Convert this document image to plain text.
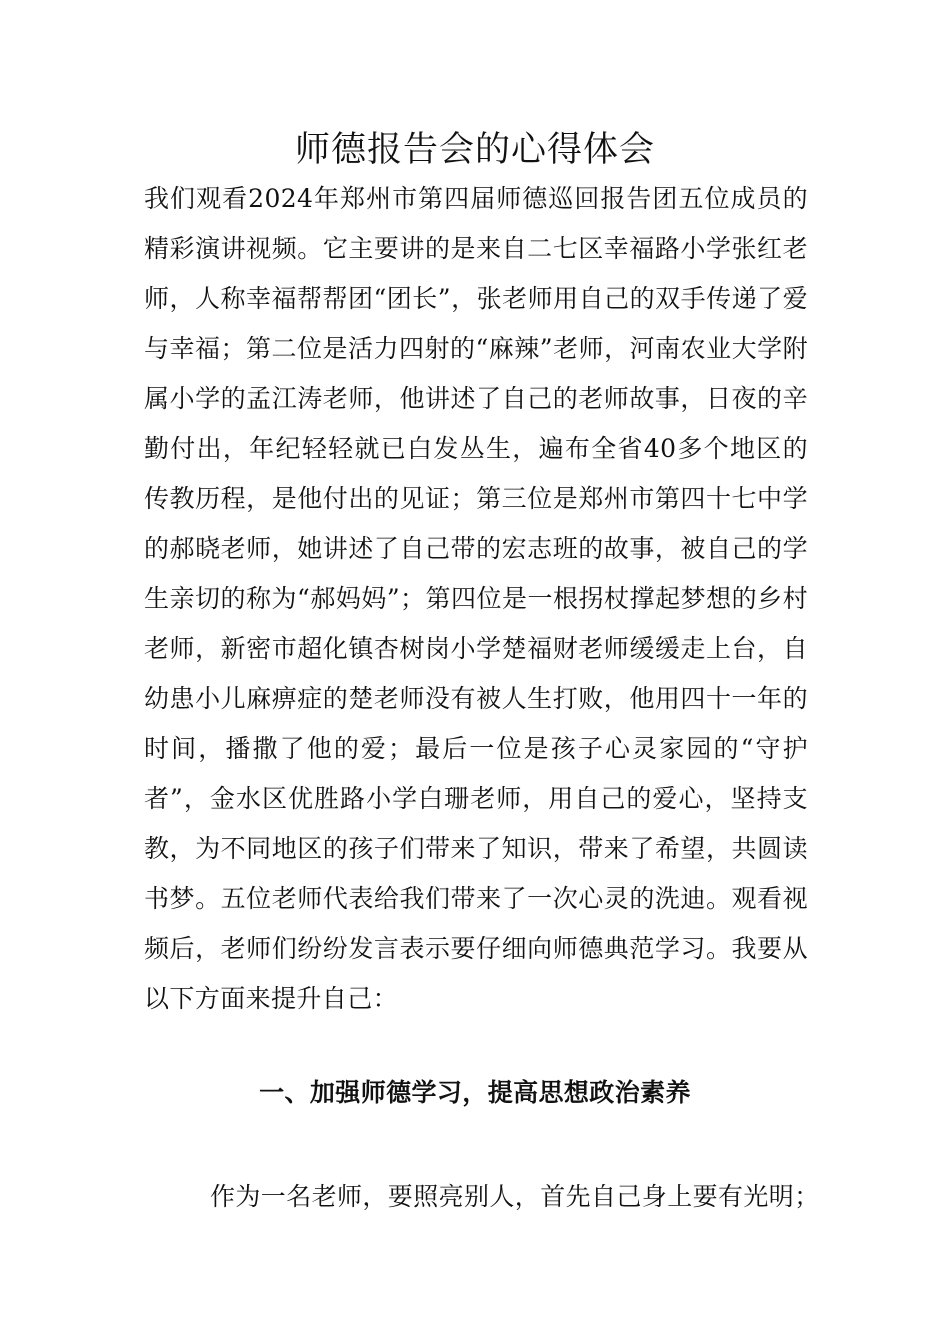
师德报告会的心得体会

我们观看2024年郑州市第四届师德巡回报告团五位成员的精彩演讲视频。它主要讲的是来自二七区幸福路小学张红老师，人称幸福帮帮团“团长”，张老师用自己的双手传递了爱与幸福；第二位是活力四射的“麻辣”老师，河南农业大学附属小学的孟江涛老师，他讲述了自己的老师故事，日夜的辛勤付出，年纪轻轻就已白发丛生，遍布全省40多个地区的传教历程，是他付出的见证；第三位是郑州市第四十七中学的郝晓老师，她讲述了自己带的宏志班的故事，被自己的学生亲切的称为“郝妈妈”；第四位是一根拐杖撑起梦想的乡村老师，新密市超化镇杏树岗小学楚福财老师缓缓走上台，自幼患小儿麻痹症的楚老师没有被人生打败，他用四十一年的时间，播撒了他的爱；最后一位是孩子心灵家园的“守护者”，金水区优胜路小学白珊老师，用自己的爱心，坚持支教，为不同地区的孩子们带来了知识，带来了希望，共圆读书梦。五位老师代表给我们带来了一次心灵的洗迪。观看视频后，老师们纷纷发言表示要仔细向师德典范学习。我要从以下方面来提升自己：

一、加强师德学习，提高思想政治素养

作为一名老师，要照亮别人，首先自己身上要有光明；
